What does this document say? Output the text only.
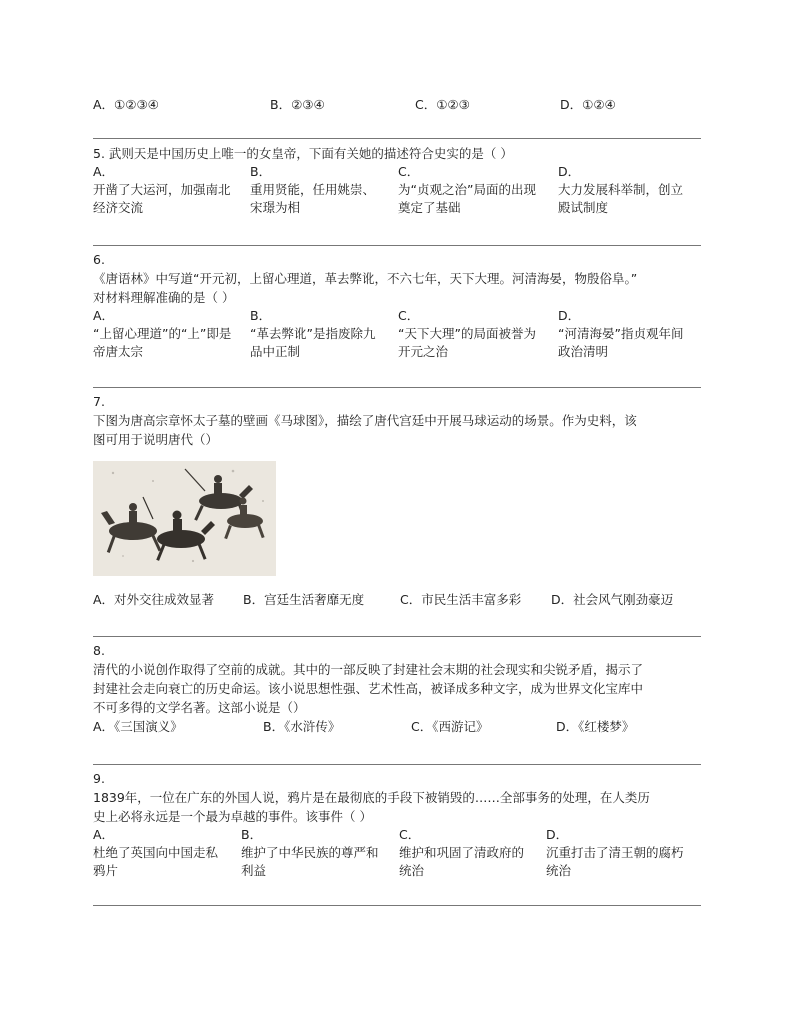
A．①②③④	B．②③④	C．①②③	D．①②④

5. 武则天是中国历史上唯一的女皇帝，下面有关她的描述符合史实的是（ ）

A．
开凿了大运河，加强南北
经济交流
B．
重用贤能，任用姚崇、
宋璟为相
C．
为“贞观之治”局面的出现
奠定了基础
D．
大力发展科举制，创立
殿试制度

6.

《唐语林》中写道“开元初，上留心理道，革去弊讹，不六七年，天下大理。河清海晏，物殷俗阜。”

对材料理解准确的是（ ）

A．
“上留心理道”的“上”即是
帝唐太宗
B．
“革去弊讹”是指废除九
品中正制
C．
“天下大理”的局面被誉为
开元之治
D．
“河清海晏”指贞观年间
政治清明

7.

下图为唐高宗章怀太子墓的壁画《马球图》，描绘了唐代宫廷中开展马球运动的场景。作为史料，该

图可用于说明唐代（）

A．对外交往成效显著 B．宫廷生活奢靡无度	C．市民生活丰富多彩 D．社会风气刚劲豪迈

8.

清代的小说创作取得了空前的成就。其中的一部反映了封建社会末期的社会现实和尖锐矛盾，揭示了

封建社会走向衰亡的历史命运。该小说思想性强、艺术性高，被译成多种文字，成为世界文化宝库中

不可多得的文学名著。这部小说是（）

A．《三国演义》	B．《水浒传》	C．《西游记》	D．《红楼梦》

9.

1839年，一位在广东的外国人说，鸦片是在最彻底的手段下被销毁的……全部事务的处理，在人类历

史上必将永远是一个最为卓越的事件。该事件（ ）

A．
杜绝了英国向中国走私
鸦片
B．
维护了中华民族的尊严和
利益
C．
维护和巩固了清政府的
统治
D．
沉重打击了清王朝的腐朽
统治
